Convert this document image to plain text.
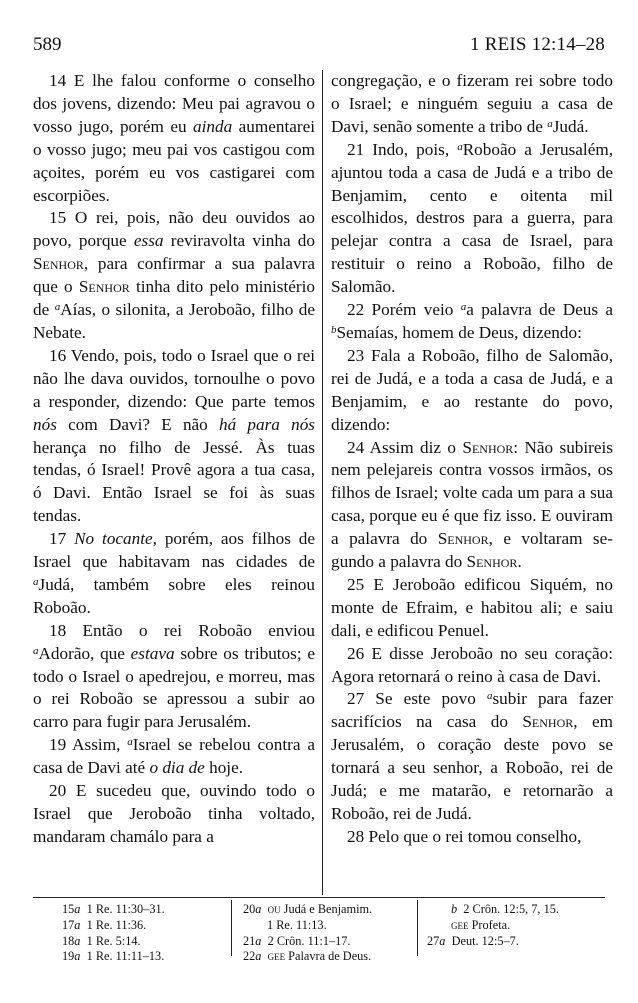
589	1 REIS 12:14–28

14 E lhe falou conforme o conselho dos jovens, dizendo: Meu pai agravou o vosso jugo, porém eu ainda aumentarei o vosso jugo; meu pai vos castigou com açoites, porém eu vos castigarei com escorpiões.

15 O rei, pois, não deu ouvidos ao povo, porque essa reviravolta vinha do Senhor, para confirmar a sua palavra que o Senhor tinha dito pelo ministério de $^a$Aías, o silonita, a Jeroboão, filho de Nebate.

16 Vendo, pois, todo o Israel que o rei não lhe dava ouvidos, tornoulhe o povo a responder, dizendo: Que parte temos nós com Davi? E não há para nós herança no filho de Jessé. Às tuas tendas, ó Israel! Provê agora a tua casa, ó Davi. Então Israel se foi às suas tendas.

17 No tocante, porém, aos filhos de Israel que habitavam nas cidades de $^a$Judá, também sobre eles reinou Roboão.

18 Então o rei Roboão enviou $^a$Adorão, que estava sobre os tributos; e todo o Israel o apedrejou, e morreu, mas o rei Roboão se apressou a subir ao carro para fugir para Jerusalém.

19 Assim, $^a$Israel se rebelou contra a casa de Davi até o dia de hoje.

20 E sucedeu que, ouvindo todo o Israel que Jeroboão tinha voltado, mandaram chamálo para a

congregação, e o fizeram rei sobre todo o Israel; e ninguém seguiu a casa de Davi, senão somente a tribo de $^a$Judá.

21 Indo, pois, $^a$Roboão a Jerusalém, ajuntou toda a casa de Judá e a tribo de Benjamim, cento e oitenta mil escolhidos, destros para a guerra, para pelejar contra a casa de Israel, para restituir o reino a Roboão, filho de Salomão.

22 Porém veio $^a$a palavra de Deus a $^b$Semaías, homem de Deus, dizendo:

23 Fala a Roboão, filho de Salomão, rei de Judá, e a toda a casa de Judá, e a Benjamim, e ao restante do povo, dizendo:

24 Assim diz o Senhor: Não subireis nem pelejareis contra vossos irmãos, os filhos de Israel; volte cada um para a sua casa, porque eu é que fiz isso. E ouviram a palavra do Senhor, e voltaram segundo a palavra do Senhor.

25 E Jeroboão edificou Siquém, no monte de Efraim, e habitou ali; e saiu dali, e edificou Penuel.

26 E disse Jeroboão no seu coração: Agora retornará o reino à casa de Davi.

27 Se este povo $^a$subir para fazer sacrifícios na casa do Senhor, em Jerusalém, o coração deste povo se tornará a seu senhor, a Roboão, rei de Judá; e me matarão, e retornarão a Roboão, rei de Judá.

28 Pelo que o rei tomou conselho,

15a  1 Re. 11:30–31.
17a  1 Re. 11:36.
18a  1 Re. 5:14.
19a  1 Re. 11:11–13.
20a ou Judá e Benjamim.
1 Re. 11:13.
21a  2 Crôn. 11:1–17.
22a gee Palavra de Deus.
b  2 Crôn. 12:5, 7, 15.
gee Profeta.
27a  Deut. 12:5–7.
